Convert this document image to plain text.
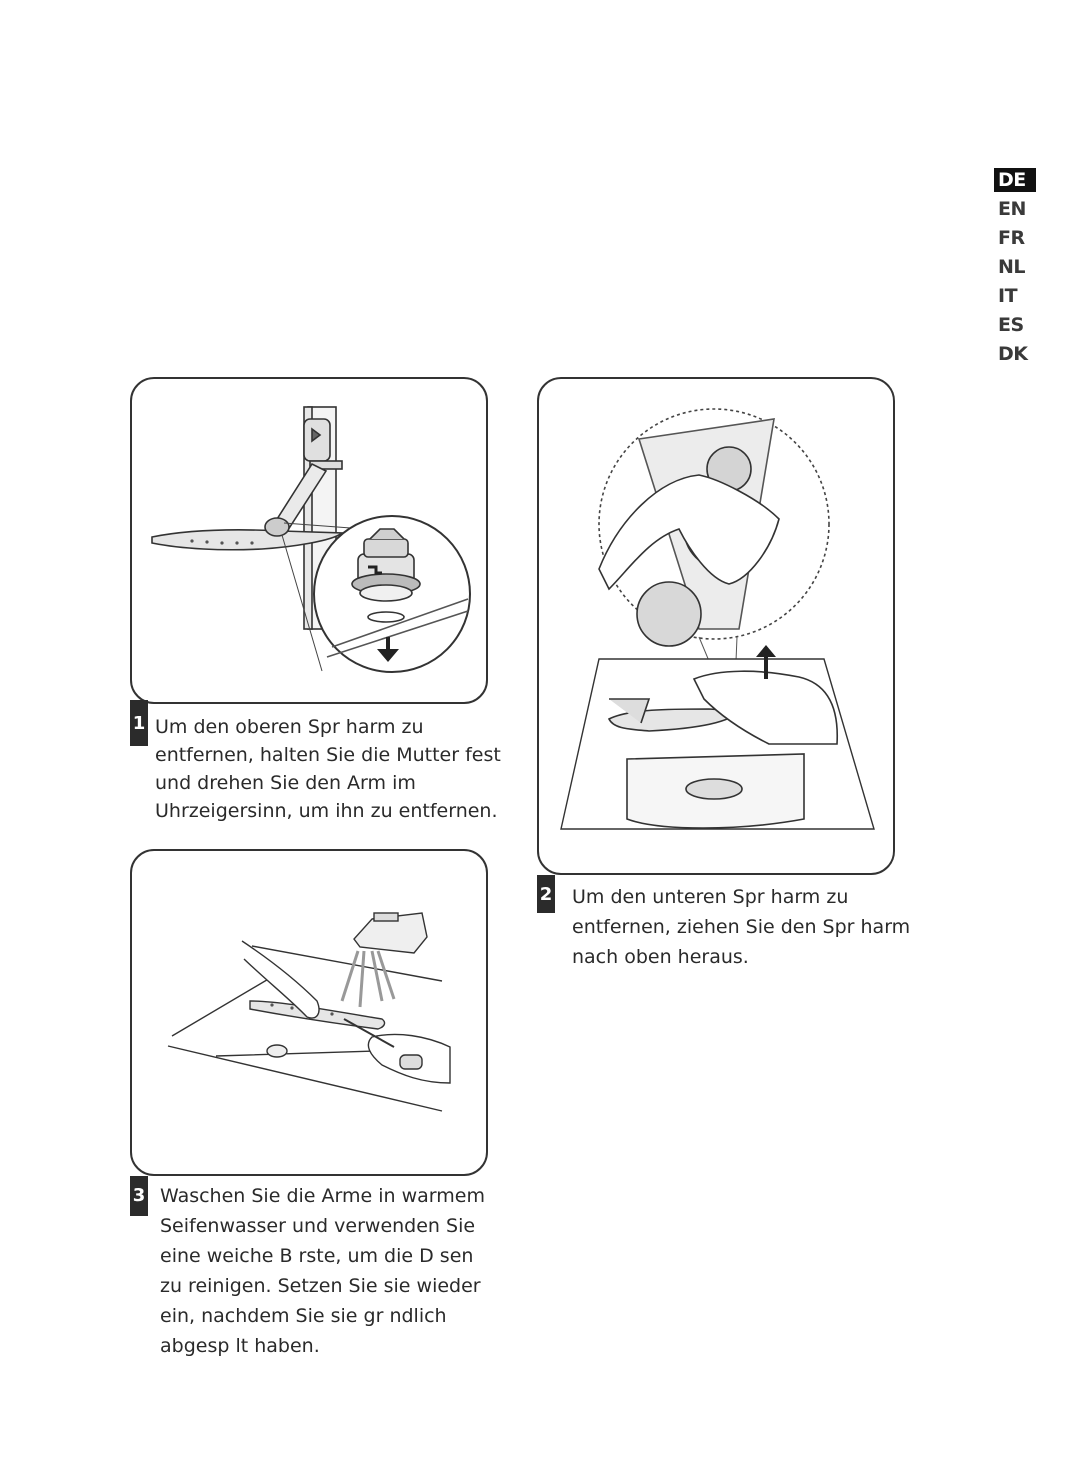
DE
EN
FR
NL
IT
ES
DK
1 Um den oberen Spr harm zu
entfernen, halten Sie die Mutter fest
und drehen Sie den Arm im
Uhrzeigersinn, um ihn zu entfernen.
2 Um den unteren Spr harm zu
entfernen, ziehen Sie den Spr harm
nach oben heraus.
3 Waschen Sie die Arme in warmem
Seifenwasser und verwenden Sie
eine weiche B rste, um die D sen
zu reinigen. Setzen Sie sie wieder
ein, nachdem Sie sie gr ndlich
abgesp lt haben.
